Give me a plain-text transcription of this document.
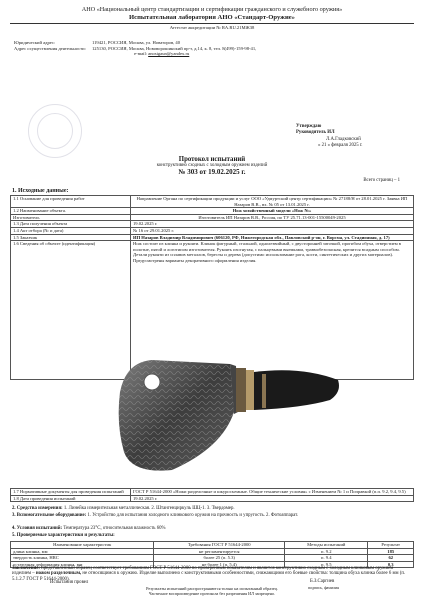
АНО «Национальный центр стандартизации и сертификации гражданского и служебного оружия»
Испытательная лаборатория АНО «Стандарт-Оружие»
Аттестат аккредитации № RA.RU.21МЖ38
Юридический адрес:	119421, РОССИЯ, Москва, ул. Новаторов, 40
Адрес осуществления деятельности:	125130, РОССИЯ, Москва, Нововорошинский пр-т, д.14, к. 8, тел. 8(499)-159-98-41,
e-mail:
anostgaun@yandex.ru
Утверждаю
Руководитель ИЛ
Л.А.Гладковский
« 21 » февраля 2025 г.
Протокол испытаний
конструктивно сходных с холодным оружием изделий
№ 303 от 19.02.2025 г.
Всего страниц – 1
1. Исходные данные:
1.1 Основание для проведения работ	Направление Органа по сертификации продукции и услуг ООО «Удмуртский центр сертификации» № 27188/Н от 28.01.2025 г. Заявка ИП Назаров В.В., вх. № 05 от 13.01.2025 г.
1.2 Наименование объекта.	Нож хозяйственный модели «Нож №»
Изготовитель	Изготовитель ИП Назаров В.В., Россия, по ТУ 25.71.13-001-15500049-2025
1.3 Дата получения объекта	19.02.2025 г.
1.4 Акт отбора (№ и дата)	№ 16 от 29.01.2025 г.
1.5 Заказчик	ИП Назаров Владимир Владимирович (606120, РФ, Нижегородская обл., Павловский р-он, г. Ворсма, ул. Стадионная, д. 17)
1.6 Сведения об объекте (идентификация)	Нож состоит из клинка и рукояти. Клинок фигурный, стальной, однолезвийный, с двусторонней заточкой, прогибом обуха, отверстием в полотне, пятой и логотипом изготовителя. Рукоять изогнутая, с пальцевыми выемками, травмобезопасная, крепится всадным способом. Детали рукояти из сплавов металлов, бересты и дерева (допустимо использование рога, кости, синтетических и других материалов). Предусмотрены варианты декоративного оформления изделия.
1.7 Нормативные документы для проведения испытаний	ГОСТ Р 51644-2000 «Ножи разделочные и шкуросъемные. Общие технические условия» с Изменением № 1 и Поправкой (п.п. 9.2, 9.4, 9.5)
1.8 Дата проведения испытаний	19.02.2025 г.
2. Средства измерения: 1. Линейка измерительная металлическая. 2. Штангенциркуль ШЦ-1. 3. Твердомер.
3. Вспомогательное оборудование: 1. Устройство для испытания холодного клинкового оружия на прочность и упругость. 2. Фотоаппарат.
4. Условия испытаний: Температура 23°С, относительная влажность 60%
5. Проверяемые характеристики и результаты:
Наименование характеристик	Требования ГОСТ Р 51644-2000	Методы испытаний	Результат
длина клинка, мм	не регламентируется	п. 9.2	185
твердость клинка, HRC	более 25 (п. 5.3)	п. 9.4	62
остаточная деформация клинка, мм	не более 1 (п. 5.4)	п. 9.5	0,3
Заключение: представленный образец соответствует требованиям ГОСТ Р 51644-2000 по проверенным показателям и является конструктивно сходным с холодным клинковым оружием изделием – ножом разделочным, не относящимся к оружию. Изделие выполнено с конструктивными особенностями, снижающими его боевые свойства: толщина обуха клинка более 6 мм (п. 5.1.2.7 ГОСТ Р 51644-2000).
Испытания провел	Б.З.Саргиев
подпись, фамилия
Результаты испытаний распространяются только на испытанный образец.
Частичное воспроизведение протокола без разрешения ИЛ запрещено.
